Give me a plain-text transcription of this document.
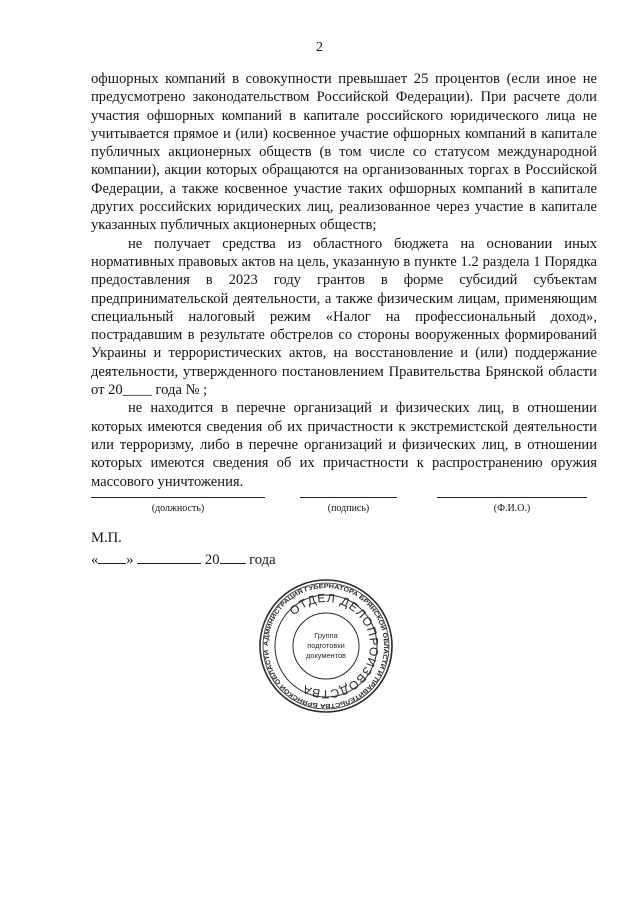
2

офшорных компаний в совокупности превышает 25 процентов (если иное не предусмотрено законодательством Российской Федерации). При расчете доли участия офшорных компаний в капитале российского юридического лица не учитывается прямое и (или) косвенное участие офшорных компаний в капитале публичных акционерных обществ (в том числе со статусом международной компании), акции которых обращаются на организованных торгах в Российской Федерации, а также косвенное участие таких офшорных компаний в капитале других российских юридических лиц, реализованное через участие в капитале указанных публичных акционерных обществ;

не получает средства из областного бюджета на основании иных нормативных правовых актов на цель, указанную в пункте 1.2 раздела 1 Порядка предоставления в 2023 году грантов в форме субсидий субъектам предпринимательской деятельности, а также физическим лицам, применяющим специальный налоговый режим «Налог на профессиональный доход», пострадавшим в результате обстрелов со стороны вооруженных формирований Украины и террористических актов, на восстановление и (или) поддержание деятельности, утвержденного постановлением Правительства Брянской области от 20____ года № ;

не находится в перечне организаций и физических лиц, в отношении которых имеются сведения об их причастности к экстремистской деятельности или терроризму, либо в перечне организаций и физических лиц, в отношении которых имеются сведения об их причастности к распространению оружия массового уничтожения.

(должность)	(подпись)	(Ф.И.О.)
М.П.
« »	20 года
АДМИНИСТРАЦИЯ ГУБЕРНАТОРА БРЯНСКОЙ ОБЛАСТИ И ПРАВИТЕЛЬСТВА БРЯНСКОЙ ОБЛАСТИ
ОТДЕЛ ДЕЛОПРОИЗВОДСТВА
Группа
подготовки
документов
